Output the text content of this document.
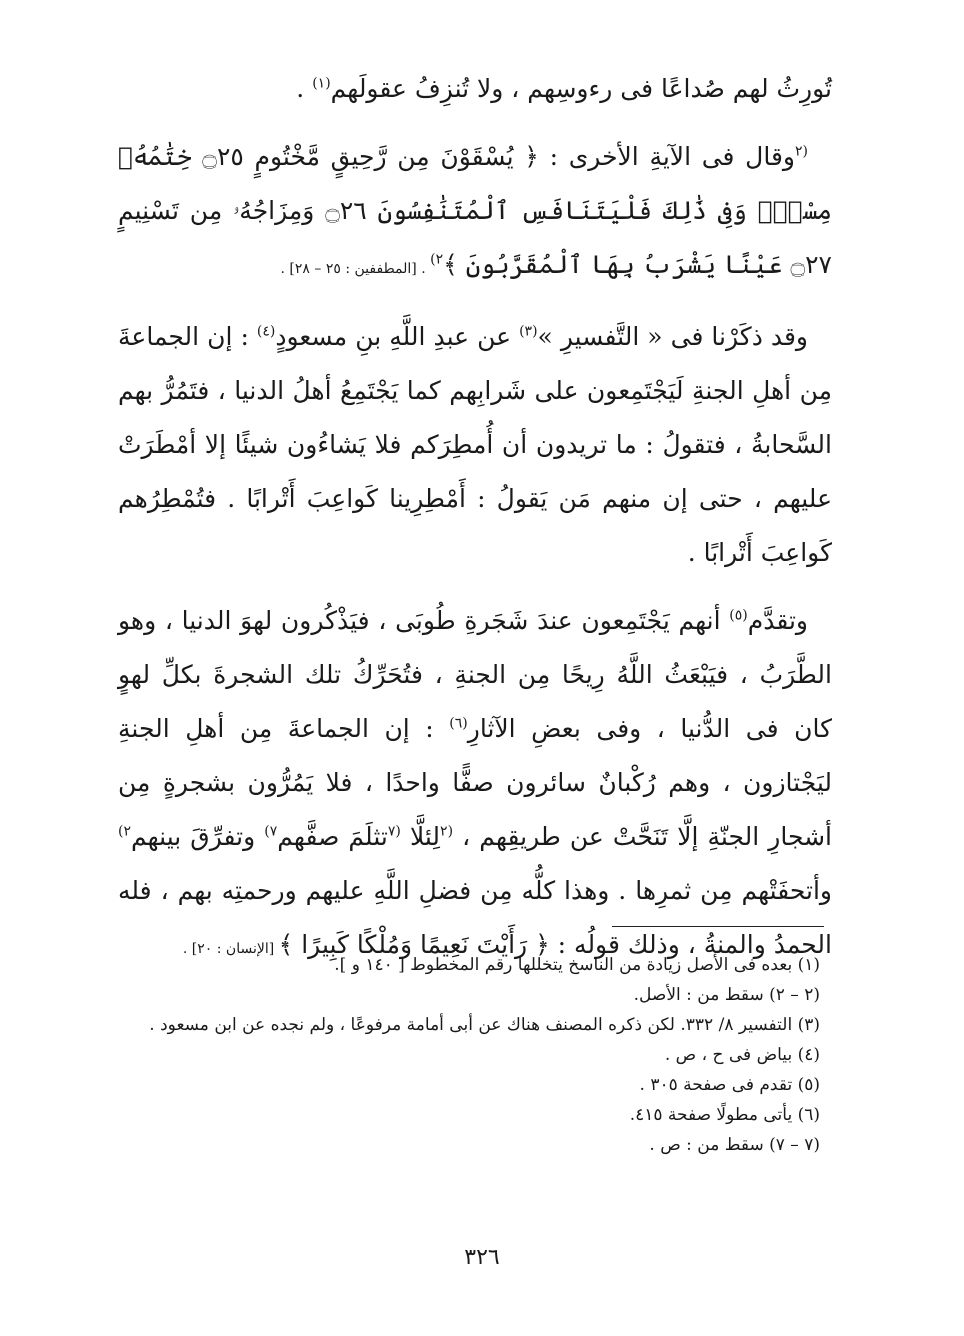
تُورِثُ لهم صُداعًا فى رءوسِهم ، ولا تُنزِفُ عقولَهم$^{(١)}$ .

$^{(٢}$وقال فى الآيةِ الأخرى : ﴿ يُسْقَوْنَ مِن رَّحِيقٍ مَّخْتُومٍ ۝٢٥ خِتَٰمُهُۥ مِسْكٌۚ وَفِى ذَٰلِكَ فَلْيَتَنَافَسِ ٱلْمُتَنَٰفِسُونَ ۝٢٦ وَمِزَاجُهُۥ مِن تَسْنِيمٍ ۝٢٧ عَيْنًا يَشْرَبُ بِهَا ٱلْمُقَرَّبُونَ ﴾$^{٢)}$ . [المطففين : ٢٥ – ٢٨] .

وقد ذكَرْنا فى « التَّفسيرِ »$^{(٣)}$ عن عبدِ اللَّهِ بنِ مسعودٍ$^{(٤)}$ : إن الجماعةَ مِن أهلِ الجنةِ لَيَجْتَمِعون على شَرابِهم كما يَجْتَمِعُ أهلُ الدنيا ، فتَمُرُّ بهم السَّحابةُ ، فتقولُ : ما تريدون أن أُمطِرَكم فلا يَشاءُون شيئًا إلا أمْطَرَتْ عليهم ، حتى إن منهم مَن يَقولُ : أَمْطِرِينا كَواعِبَ أَتْرابًا . فتُمْطِرُهم كَواعِبَ أَتْرابًا .

وتقدَّم$^{(٥)}$ أنهم يَجْتَمِعون عندَ شَجَرةِ طُوبَى ، فيَذْكُرون لهوَ الدنيا ، وهو الطَّرَبُ ، فيَبْعَثُ اللَّهُ رِيحًا مِن الجنةِ ، فتُحَرِّكُ تلك الشجرةَ بكلِّ لهوٍ كان فى الدُّنيا ، وفى بعضِ الآثارِ$^{(٦)}$ : إن الجماعةَ مِن أهلِ الجنةِ ليَجْتازون ، وهم رُكْبانٌ سائرون صفًّا واحدًا ، فلا يَمُرُّون بشجرةٍ مِن أشجارِ الجنّةِ إلَّا تَنَحَّتْ عن طريقِهم ، $^{(٢}$لِئلَّا $^{(٧}$تثلَمَ صفَّهم$^{٧)}$ وتفرِّقَ بينهم$^{٢)}$ وأتحفَتْهم مِن ثمرِها . وهذا كلُّه مِن فضلِ اللَّهِ عليهم ورحمتِه بهم ، فله الحمدُ والمنةُ ، وذلك قولُه : ﴿ رَأَيْتَ نَعِيمًا وَمُلْكًا كَبِيرًا ﴾ [الإنسان : ٢٠] .

(١) بعده فى الأصل زيادة من الناسخ يتخللها رقم المخطوط [ ١٤٠ و ].
(٢ – ٢) سقط من : الأصل.
(٣) التفسير ٨/ ٣٣٢. لكن ذكره المصنف هناك عن أبى أمامة مرفوعًا ، ولم نجده عن ابن مسعود .
(٤) بياض فى ح ، ص .
(٥) تقدم فى صفحة ٣٠٥ .
(٦) يأتى مطولًا صفحة ٤١٥.
(٧ – ٧) سقط من : ص .
٣٢٦
